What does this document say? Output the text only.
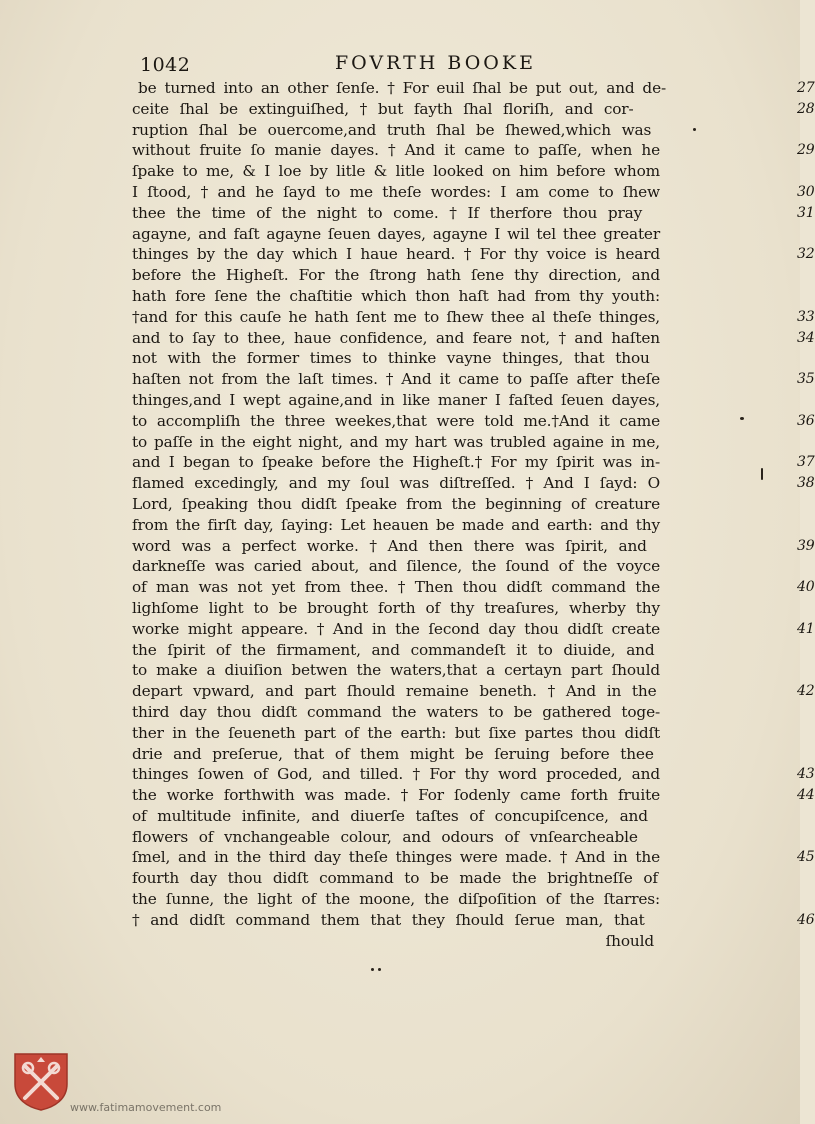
1042	FOVRTH BOOKE
be turned into an other ſenſe. † For euil ſhal be put out, and de-	27
ceite ſhal be extinguiſhed, † but fayth ſhal floriſh, and cor-	28
ruption ſhal be ouercome,and truth ſhal be ſhewed,which was
without fruite ſo manie dayes. † And it came to paſſe, when he	29
ſpake to me, & I loe by litle & litle looked on him before whom
I ſtood, † and he ſayd to me theſe wordes: I am come to ſhew	30
thee the time of the night to come. † If therfore thou pray	31
agayne, and faſt agayne ſeuen dayes, agayne I wil tel thee greater
thinges by the day which I haue heard. † For thy voice is heard	32
before the Higheſt. For the ſtrong hath ſene thy direction, and
hath fore ſene the chaſtitie which thon haſt had from thy youth:
†and for this cauſe he hath ſent me to ſhew thee al theſe thinges,	33
and to ſay to thee, haue confidence, and feare not, † and haſten	34
not with the former times to thinke vayne thinges, that thou
haſten not from the laſt times. † And it came to paſſe after theſe	35
thinges,and I wept againe,and in like maner I faſted ſeuen dayes,
to accompliſh the three weekes,that were told me.†And it came	36
to paſſe in the eight night, and my hart was trubled againe in me,
and I began to ſpeake before the Higheſt.† For my ſpirit was in-	37
flamed excedingly, and my ſoul was diſtreſſed. † And I ſayd: O	38
Lord, ſpeaking thou didſt ſpeake from the beginning of creature
from the firſt day, ſaying: Let heauen be made and earth: and thy
word was a perfect worke. † And then there was ſpirit, and	39
darkneſſe was caried about, and ſilence, the ſound of the voyce
of man was not yet from thee. † Then thou didſt command the	40
lighſome light to be brought forth of thy treaſures, wherby thy
worke might appeare. † And in the ſecond day thou didſt create	41
the ſpirit of the firmament, and commandeſt it to diuide, and
to make a diuiſion betwen the waters,that a certayn part ſhould
depart vpward, and part ſhould remaine beneth. † And in the	42
third day thou didſt command the waters to be gathered toge-
ther in the ſeueneth part of the earth: but ſixe partes thou didſt
drie and preſerue, that of them might be ſeruing before thee
thinges ſowen of God, and tilled. † For thy word proceded, and	43
the worke forthwith was made. † For ſodenly came forth fruite	44
of multitude infinite, and diuerſe taſtes of concupiſcence, and
flowers of vnchangeable colour, and odours of vnſearcheable
ſmel, and in the third day theſe thinges were made. † And in the	45
fourth day thou didſt command to be made the brightneſſe of
the ſunne, the light of the moone, the diſpoſition of the ſtarres:
† and didſt command them that they ſhould ſerue man, that	46
ſhould
www.fatimamovement.com
